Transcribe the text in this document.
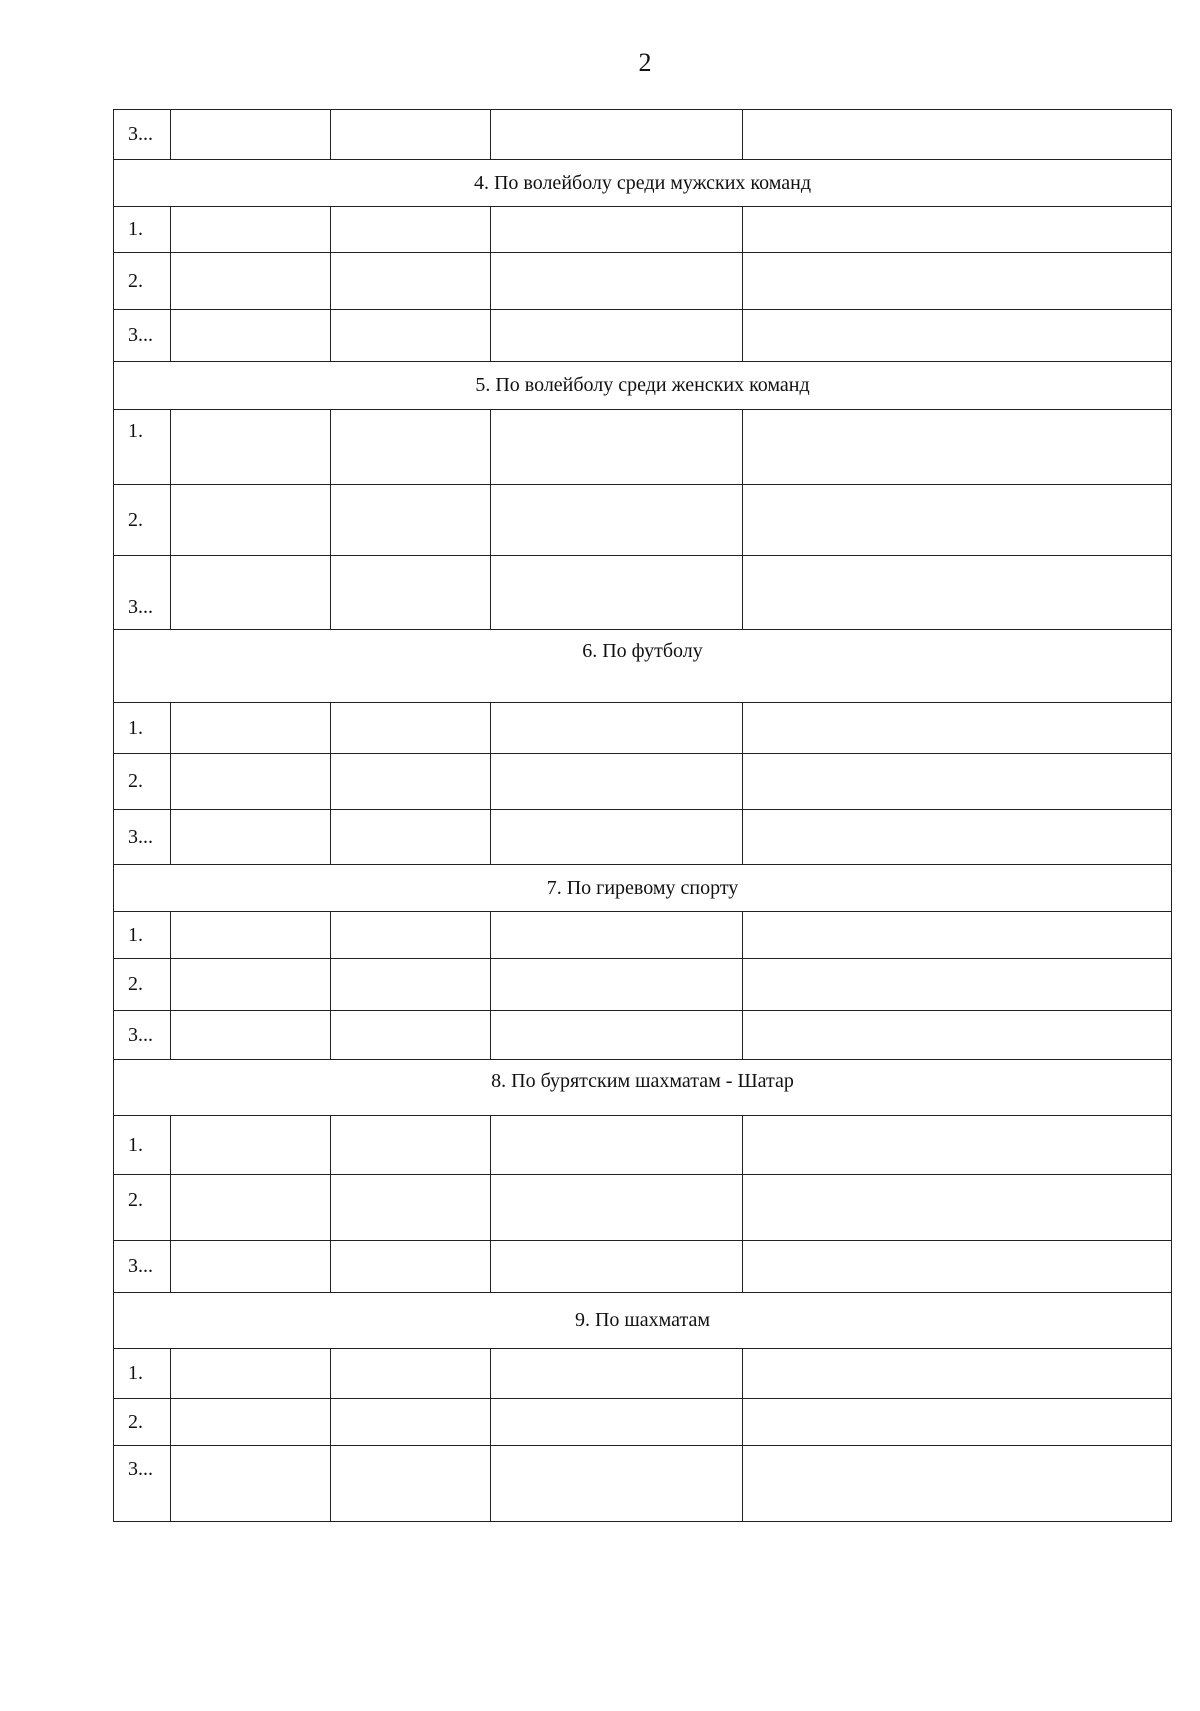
2
3...				
4. По волейболу среди мужских команд				
1.				
2.				
3...				
5. По волейболу среди женских команд				
1.				
2.				
3...				
6. По футболу				
1.				
2.				
3...				
7. По гиревому спорту				
1.				
2.				
3...				
8. По бурятским шахматам - Шатар				
1.				
2.				
3...				
9. По шахматам				
1.				
2.				
3...				
